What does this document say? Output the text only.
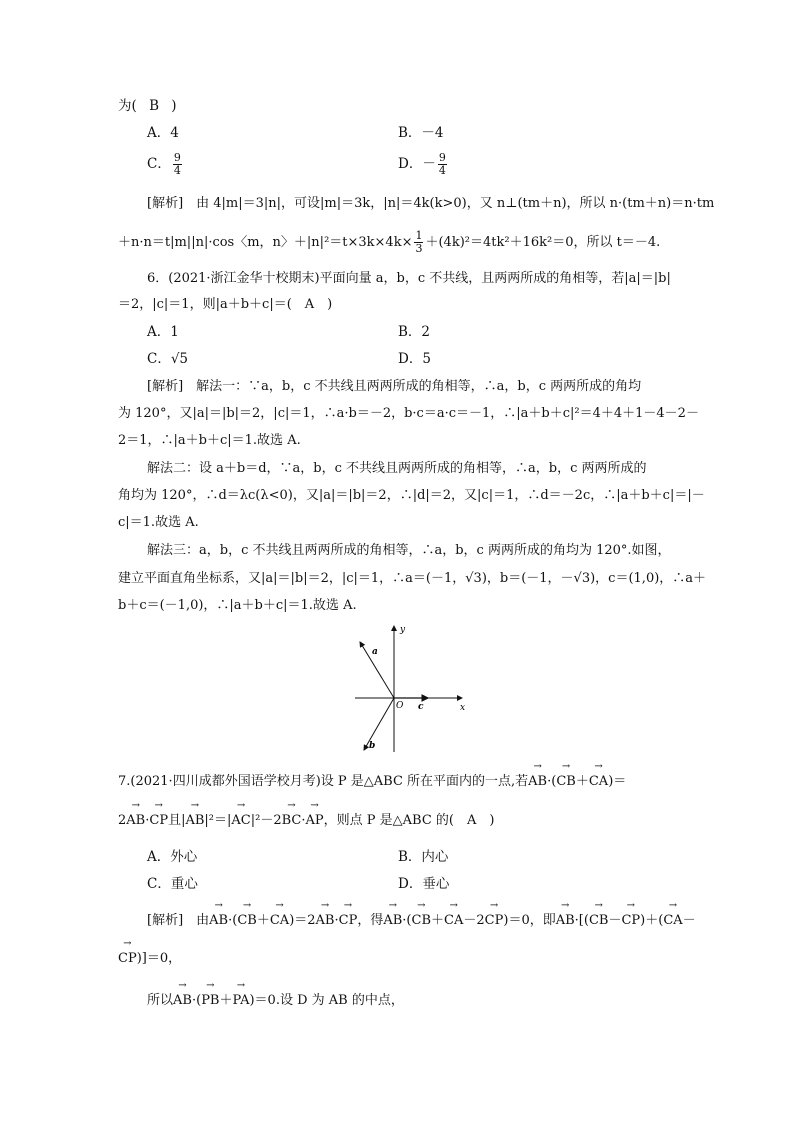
为( B )
A．4	B．－4
C． $\frac{9}{4}$	D．－ $\frac{9}{4}$
[解析]　由 4|m|＝3|n|，可设|m|＝3k，|n|＝4k(k>0)，又 n⊥(tm＋n)，所以 n·(tm＋n)＝n·tm
＋n·n＝t|m||n|·cos〈m，n〉$+|n|^2=t\times 3k\times 4k\times \frac{1}{3} +(4k)^2=4tk^2+16k^2=0$，所以 t＝－4.
6．(2021·浙江金华十校期末)平面向量 a，b，c 不共线，且两两所成的角相等，若|a|＝|b|
＝2，|c|＝1，则|a＋b＋c|＝(　A　)
A．1	B．2
C．√5	D．5
[解析]　解法一：∵a，b，c 不共线且两两所成的角相等，∴a，b，c 两两所成的角均
为 120°，又|a|＝|b|＝2，|c|＝1，∴a·b＝－2，b·c＝a·c＝－1，∴|a＋b＋c|²＝4＋4＋1－4－2－
2＝1，∴|a＋b＋c|＝1.故选 A.
解法二：设 a＋b＝d，∵a，b，c 不共线且两两所成的角相等，∴a，b，c 两两所成的
角均为 120°，∴d＝λc(λ<0)，又|a|＝|b|＝2，∴|d|＝2，又|c|＝1，∴d＝－2c，∴|a＋b＋c|＝|－
c|＝1.故选 A.
解法三：a，b，c 不共线且两两所成的角相等，∴a，b，c 两两所成的角均为 120°.如图，
建立平面直角坐标系，又|a|＝|b|＝2，|c|＝1，∴a＝(－1，√3)，b＝(－1，－√3)，c＝(1,0)，∴a＋
b＋c＝(－1,0)，∴|a＋b＋c|＝1.故选 A.
y
x
O
a
b
c
7.(2021·四川成都外国语学校月考)设 P 是△ABC 所在平面内的一点,若→ AB·(→ CB＋→ CA)＝
2→ AB·→ CP且|→ AB|²＝|→ AC|²－2→ BC·→ AP，则点 P 是△ABC 的(　A　)
A．外心	B．内心
C．重心	D．垂心
[解析]　由→ AB·(→ CB＋→ CA)＝2→ AB·→ CP，得→ AB·(→ CB＋→ CA－2→ CP)＝0，即→ AB·[(→ CB－→ CP)＋(→ CA－
→ CP)]＝0，
所以→ AB·(→ PB＋→ PA)＝0.设 D 为 AB 的中点，
